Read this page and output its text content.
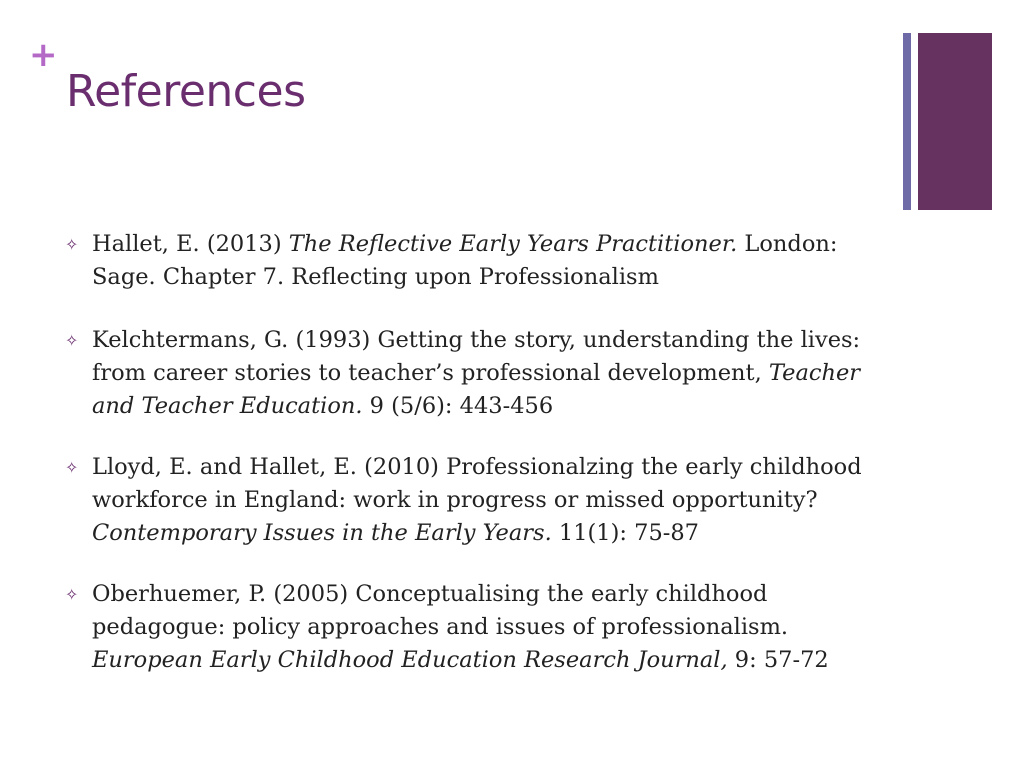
+
References
✧ Hallet, E. (2013) The Reflective Early Years Practitioner. London: Sage. Chapter 7. Reflecting upon Professionalism
✧ Kelchtermans, G. (1993) Getting the story, understanding the lives: from career stories to teacher’s professional development, Teacher and Teacher Education. 9 (5/6): 443-456
✧ Lloyd, E. and Hallet, E. (2010) Professionalzing the early childhood workforce in England: work in progress or missed opportunity? Contemporary Issues in the Early Years. 11(1): 75-87
✧ Oberhuemer, P. (2005) Conceptualising the early childhood pedagogue: policy approaches and issues of professionalism. European Early Childhood Education Research Journal, 9: 57-72
